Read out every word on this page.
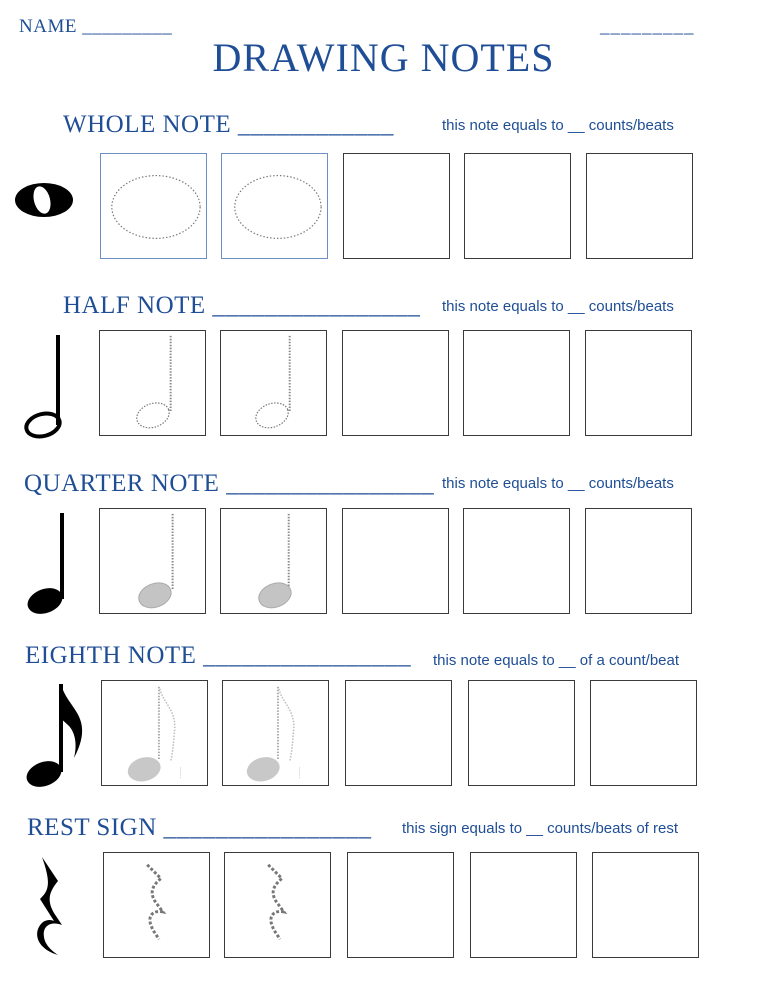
NAME _________	_________
DRAWING NOTES
WHOLE NOTE ____________	this note equals to __ counts/beats
HALF NOTE ________________ this note equals to __ counts/beats
QUARTER NOTE ________________ this note equals to __ counts/beats
EIGHTH NOTE ________________ this note equals to __ of a count/beat
REST SIGN ________________ this sign equals to __ counts/beats of rest
